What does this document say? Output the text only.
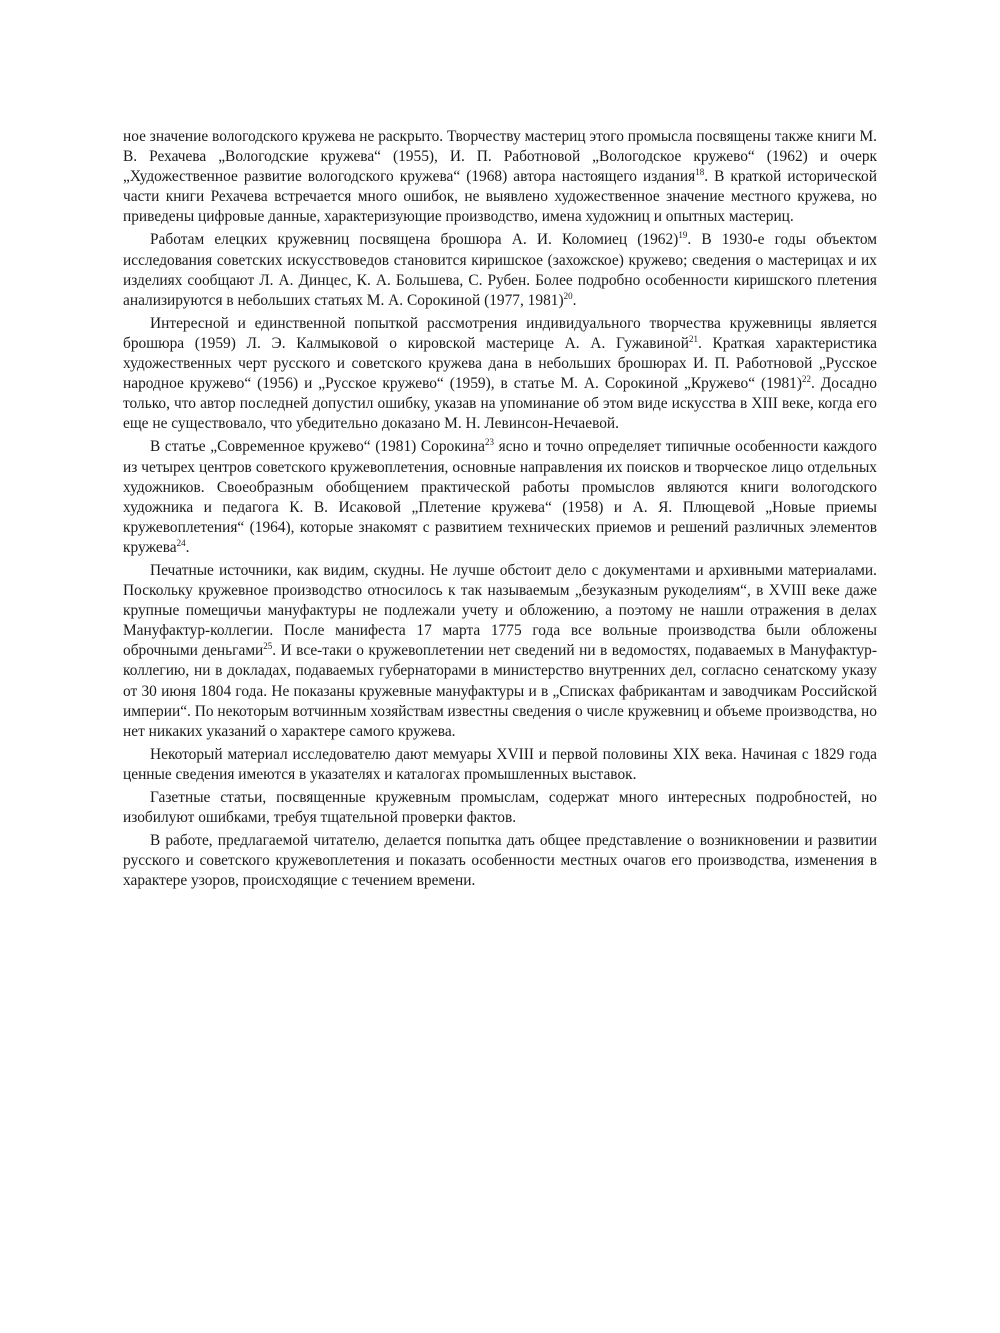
ное значение вологодского кружева не раскрыто. Творчеству мастериц этого промысла посвящены также книги М. В. Рехачева „Вологодские кружева“ (1955), И. П. Работновой „Вологодское кружево“ (1962) и очерк „Художественное развитие вологодского кружева“ (1968) автора настоящего издания$^{18}$. В краткой исторической части книги Рехачева встречается много ошибок, не выявлено художественное значение местного кружева, но приведены цифровые данные, характеризующие производство, имена художниц и опытных мастериц.

Работам елецких кружевниц посвящена брошюра А. И. Коломиец $(1962)^{19}$. В 1930-е годы объектом исследования советских искусствоведов становится киришское (захожское) кружево; сведения о мастерицах и их изделиях сообщают Л. А. Динцес, К. А. Большева, С. Рубен. Более подробно особенности киришского плетения анализируются в небольших статьях М. А. Сорокиной (1977, 1981)$^{20}$.

Интересной и единственной попыткой рассмотрения индивидуального творчества кружевницы является брошюра (1959) Л. Э. Калмыковой о кировской мастерице А. А. Гужавиной$^{21}$. Краткая характеристика художественных черт русского и советского кружева дана в небольших брошюрах И. П. Работновой „Русское народное кружево“ (1956) и „Русское кружево“ (1959), в статье М. А. Сорокиной „Кружево“ $(1981)^{22}$. Досадно только, что автор последней допустил ошибку, указав на упоминание об этом виде искусства в XIII веке, когда его еще не существовало, что убедительно доказано М. Н. Левинсон-Нечаевой.

В статье „Современное кружево“ (1981) Сорокина$^{23}$ ясно и точно определяет типичные особенности каждого из четырех центров советского кружевоплетения, основные направления их поисков и творческое лицо отдельных художников. Своеобразным обобщением практической работы промыслов являются книги вологодского художника и педагога К. В. Исаковой „Плетение кружева“ (1958) и А. Я. Плющевой „Новые приемы кружевоплетения“ (1964), которые знакомят с развитием технических приемов и решений различных элементов кружева$^{24}$.

Печатные источники, как видим, скудны. Не лучше обстоит дело с документами и архивными материалами. Поскольку кружевное производство относилось к так называемым „безуказным рукоделиям“, в XVIII веке даже крупные помещичьи мануфактуры не подлежали учету и обложению, а поэтому не нашли отражения в делах Мануфактур-коллегии. После манифеста 17 марта 1775 года все вольные производства были обложены оброчными деньгами$^{25}$. И все-таки о кружевоплетении нет сведений ни в ведомостях, подаваемых в Мануфактур-коллегию, ни в докладах, подаваемых губернаторами в министерство внутренних дел, согласно сенатскому указу от 30 июня 1804 года. Не показаны кружевные мануфактуры и в „Списках фабрикантам и заводчикам Российской империи“. По некоторым вотчинным хозяйствам известны сведения о числе кружевниц и объеме производства, но нет никаких указаний о характере самого кружева.

Некоторый материал исследователю дают мемуары XVIII и первой половины XIX века. Начиная с 1829 года ценные сведения имеются в указателях и каталогах промышленных выставок.

Газетные статьи, посвященные кружевным промыслам, содержат много интересных подробностей, но изобилуют ошибками, требуя тщательной проверки фактов.

В работе, предлагаемой читателю, делается попытка дать общее представление о возникновении и развитии русского и советского кружевоплетения и показать особенности местных очагов его производства, изменения в характере узоров, происходящие с течением времени.
